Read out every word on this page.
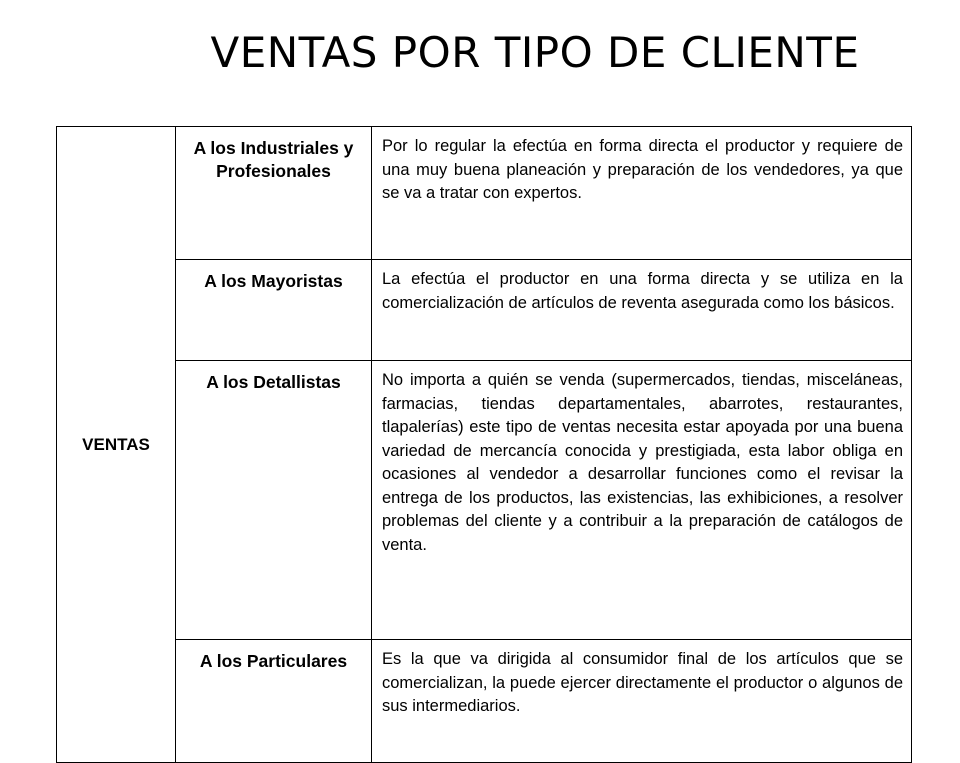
VENTAS POR TIPO DE CLIENTE
VENTAS	A los Industriales y Profesionales	Por lo regular la efectúa en forma directa el productor y requiere de una muy buena planeación y preparación de los vendedores, ya que se va a tratar con expertos.
	A los Mayoristas	La efectúa el productor en una forma directa y se utiliza en la comercialización de artículos de reventa asegurada como los básicos.
	A los Detallistas	No importa a quién se venda (supermercados, tiendas, misceláneas, farmacias, tiendas departamentales, abarrotes, restaurantes, tlapalerías) este tipo de ventas necesita estar apoyada por una buena variedad de mercancía conocida y prestigiada, esta labor obliga en ocasiones al vendedor a desarrollar funciones como el revisar la entrega de los productos, las existencias, las exhibiciones, a resolver problemas del cliente y a contribuir a la preparación de catálogos de venta.
	A los Particulares	Es la que va dirigida al consumidor final de los artículos que se comercializan, la puede ejercer directamente el productor o algunos de sus intermediarios.
